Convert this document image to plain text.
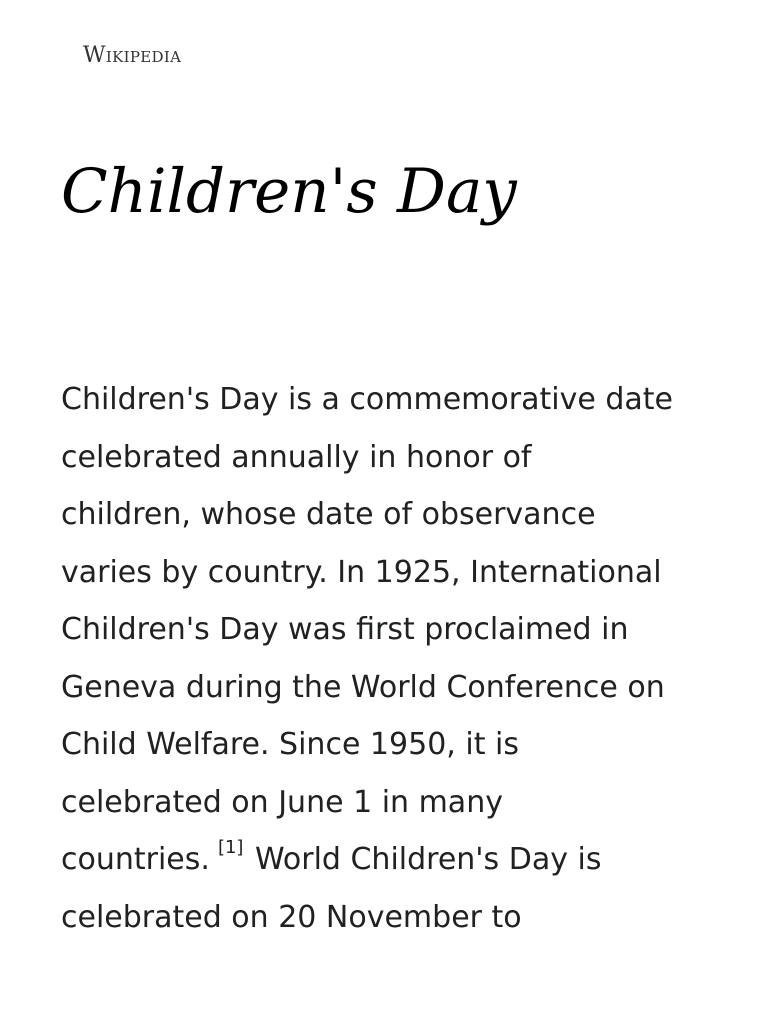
Wikipedia
Children's Day
Children's Day is a commemorative date
celebrated annually in honor of
children, whose date of observance
varies by country. In 1925, International
Children's Day was first proclaimed in
Geneva during the World Conference on
Child Welfare. Since 1950, it is
celebrated on June 1 in many
countries. [1] World Children's Day is
celebrated on 20 November to
